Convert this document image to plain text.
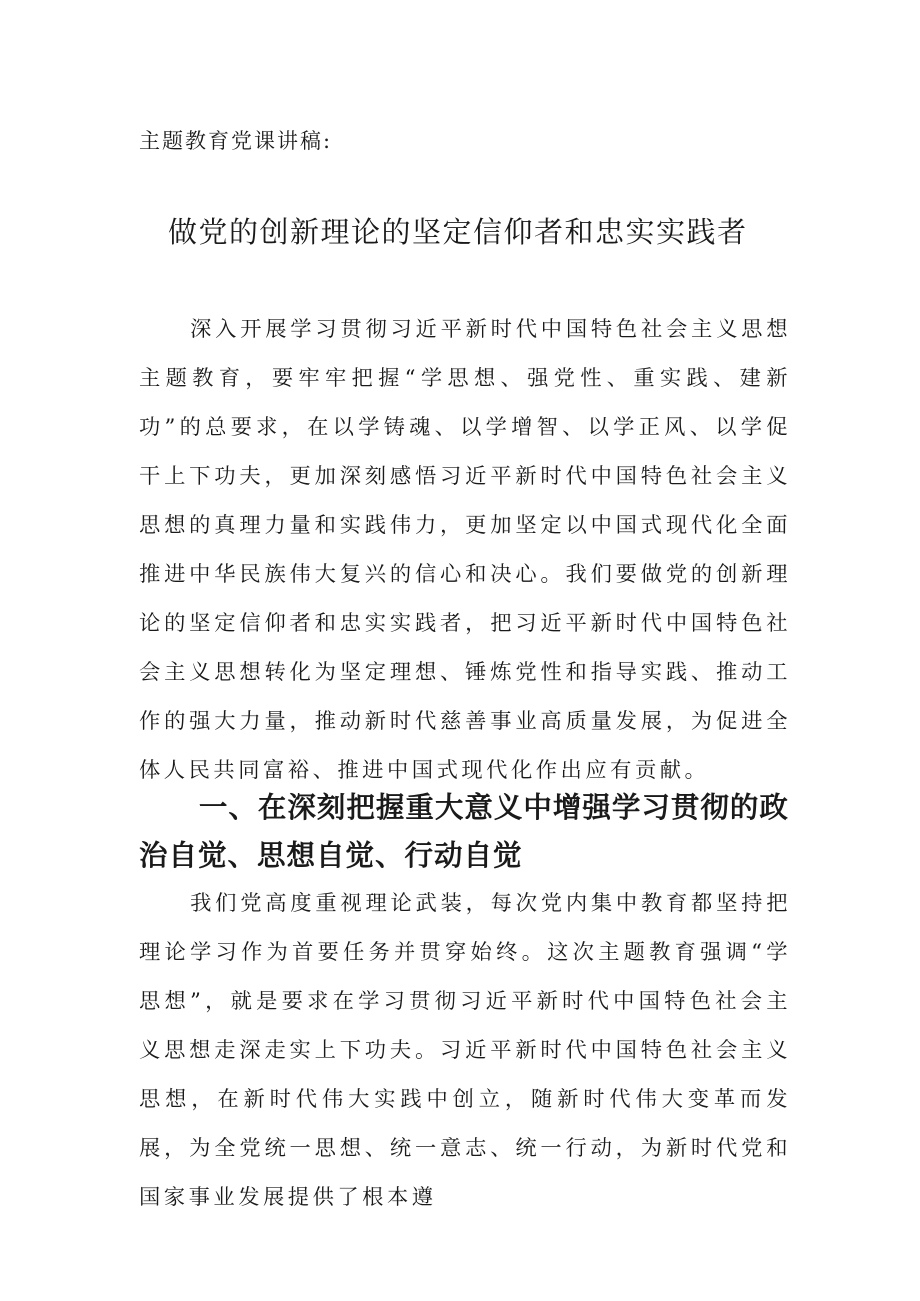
主题教育党课讲稿:
做党的创新理论的坚定信仰者和忠实实践者

深入开展学习贯彻习近平新时代中国特色社会主义思想主题教育，要牢牢把握“学思想、强党性、重实践、建新功”的总要求，在以学铸魂、以学增智、以学正风、以学促干上下功夫，更加深刻感悟习近平新时代中国特色社会主义思想的真理力量和实践伟力，更加坚定以中国式现代化全面推进中华民族伟大复兴的信心和决心。我们要做党的创新理论的坚定信仰者和忠实实践者，把习近平新时代中国特色社会主义思想转化为坚定理想、锤炼党性和指导实践、推动工作的强大力量，推动新时代慈善事业高质量发展，为促进全体人民共同富裕、推进中国式现代化作出应有贡献。

一、在深刻把握重大意义中增强学习贯彻的政治自觉、思想自觉、行动自觉

我们党高度重视理论武装，每次党内集中教育都坚持把理论学习作为首要任务并贯穿始终。这次主题教育强调“学思想”，就是要求在学习贯彻习近平新时代中国特色社会主义思想走深走实上下功夫。习近平新时代中国特色社会主义思想，在新时代伟大实践中创立，随新时代伟大变革而发展，为全党统一思想、统一意志、统一行动，为新时代党和国家事业发展提供了根本遵
